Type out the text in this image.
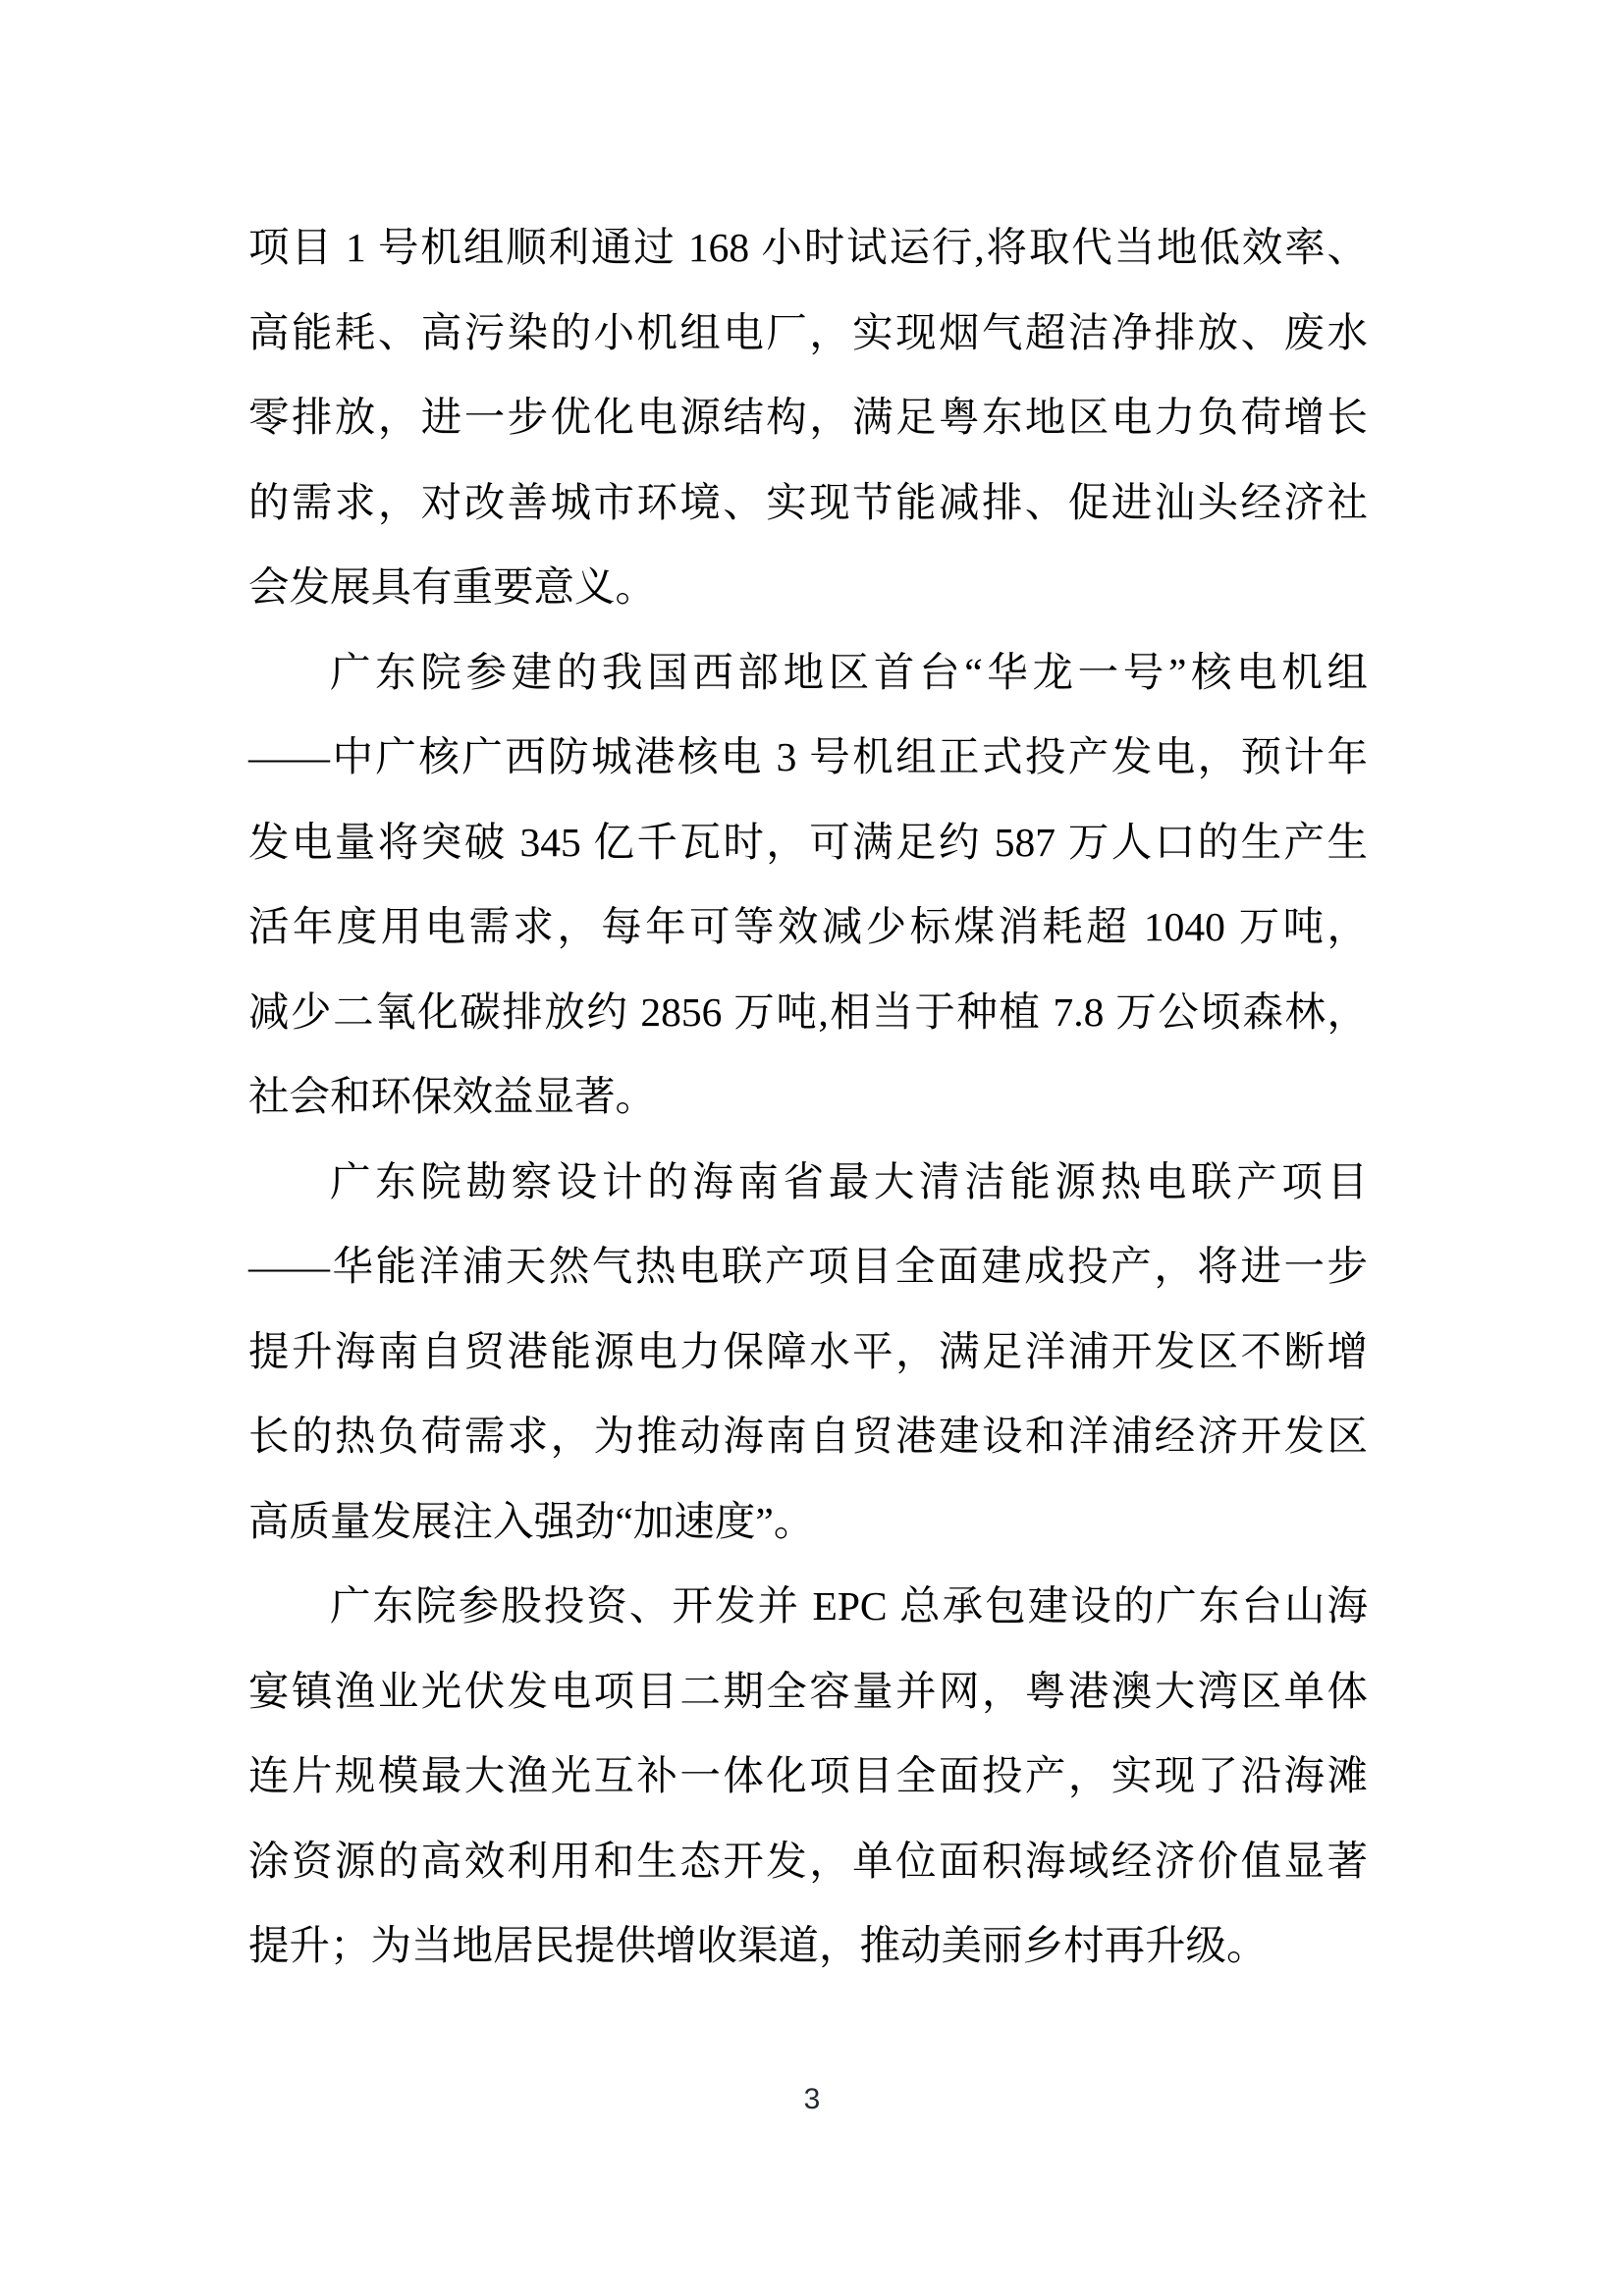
项目 1 号机组顺利通过 168 小时试运行,将取代当地低效率、
高能耗、高污染的小机组电厂，实现烟气超洁净排放、废水
零排放，进一步优化电源结构，满足粤东地区电力负荷增长
的需求，对改善城市环境、实现节能减排、促进汕头经济社
会发展具有重要意义。
广东院参建的我国西部地区首台“华龙一号”核电机组
——中广核广西防城港核电 3 号机组正式投产发电，预计年
发电量将突破 345 亿千瓦时，可满足约 587 万人口的生产生
活年度用电需求，每年可等效减少标煤消耗超 1040 万吨，
减少二氧化碳排放约 2856 万吨,相当于种植 7.8 万公顷森林，
社会和环保效益显著。
广东院勘察设计的海南省最大清洁能源热电联产项目
——华能洋浦天然气热电联产项目全面建成投产，将进一步
提升海南自贸港能源电力保障水平，满足洋浦开发区不断增
长的热负荷需求，为推动海南自贸港建设和洋浦经济开发区
高质量发展注入强劲“加速度”。
广东院参股投资、开发并 EPC 总承包建设的广东台山海
宴镇渔业光伏发电项目二期全容量并网，粤港澳大湾区单体
连片规模最大渔光互补一体化项目全面投产，实现了沿海滩
涂资源的高效利用和生态开发，单位面积海域经济价值显著
提升；为当地居民提供增收渠道，推动美丽乡村再升级。
3
